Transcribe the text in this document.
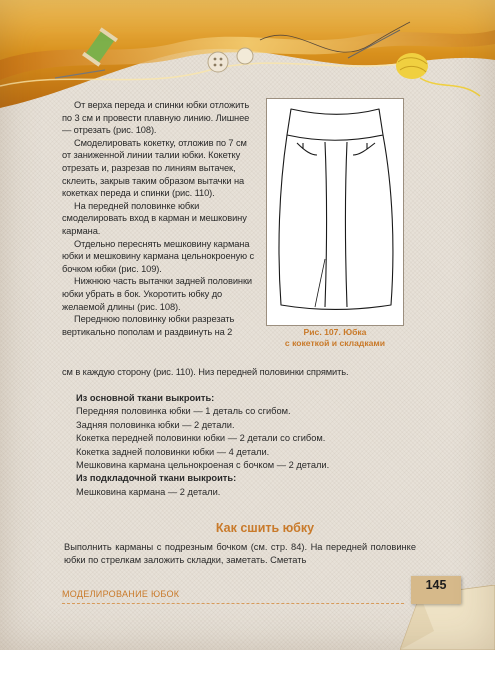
От верха переда и спинки юбки отложить по 3 см и провести плавную линию. Лишнее — отрезать (рис. 108).

Смоделировать кокетку, отложив по 7 см от заниженной линии талии юбки. Кокетку отрезать и, разрезав по линиям вытачек, склеить, закрыв таким образом вытачки на кокетках переда и спинки (рис. 110).

На передней половинке юбки смоделировать вход в карман и мешковину кармана.

Отдельно переснять мешковину кармана юбки и мешковину кармана цельнокроеную с бочком юбки (рис. 109).

Нижнюю часть вытачки задней половинки юбки убрать в бок. Укоротить юбку до желаемой длины (рис. 108).

Переднюю половинку юбки разрезать вертикально пополам и раздвинуть на 2

см в каждую сторону (рис. 110). Низ передней половинки спрямить.
Рис. 107. Юбка
с кокеткой и складками
Из основной ткани выкроить:
Передняя половинка юбки — 1 деталь со сгибом.
Задняя половинка юбки — 2 детали.
Кокетка передней половинки юбки — 2 детали со сгибом.
Кокетка задней половинки юбки — 4 детали.
Мешковина кармана цельнокроеная с бочком — 2 детали.
Из подкладочной ткани выкроить:
Мешковина кармана — 2 детали.
Как сшить юбку
Выполнить карманы с подрезным бочком (см. стр. 84). На передней половинке юбки по стрелкам заложить складки, заметать. Сметать
МОДЕЛИРОВАНИЕ ЮБОК
145
